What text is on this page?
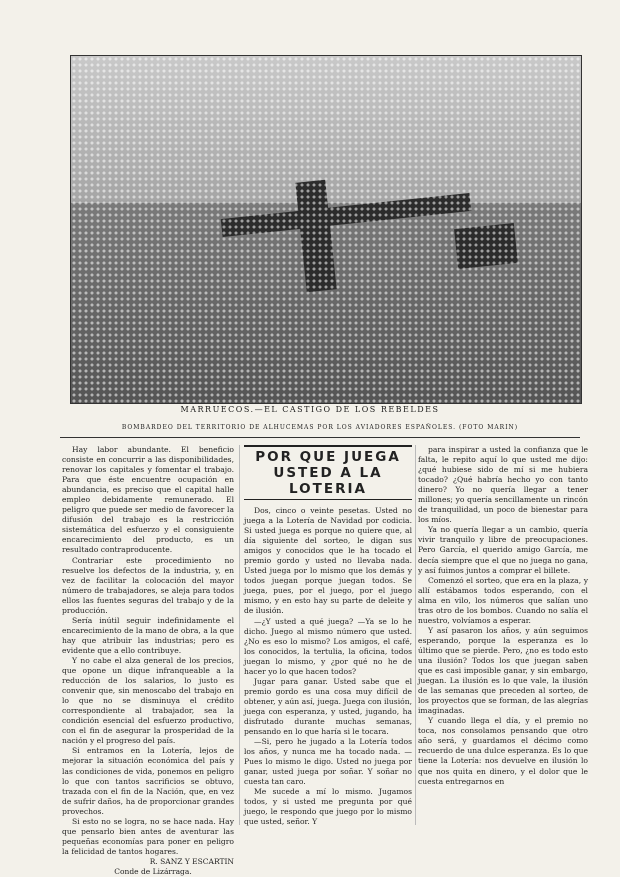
MARRUECOS.—EL CASTIGO DE LOS REBELDES

BOMBARDEO DEL TERRITORIO DE ALHUCEMAS POR LOS AVIADORES ESPAÑOLES. (FOTO MARIN)

Hay labor abundante. El beneficio consiste en concurrir a las disponibilidades, renovar los capitales y fomentar el trabajo. Para que éste encuentre ocupación en abundancia, es preciso que el capital halle empleo debidamente remunerado. El peligro que puede ser medio de favorecer la difusión del trabajo es la restricción sistemática del esfuerzo y el consiguiente encarecimiento del producto, es un resultado contraproducente.

Contrariar este procedimiento no resuelve los defectos de la industria, y, en vez de facilitar la colocación del mayor número de trabajadores, se aleja para todos ellos las fuentes seguras del trabajo y de la producción.

Sería inútil seguir indefinidamente el encarecimiento de la mano de obra, a la que hay que atribuir las industrias; pero es evidente que a ello contribuye.

Y no cabe el alza general de los precios, que opone un dique infranqueable a la reducción de los salarios, lo justo es convenir que, sin menoscabo del trabajo en lo que no se disminuya el crédito correspondiente al trabajador, sea la condición esencial del esfuerzo productivo, con el fin de asegurar la prosperidad de la nación y el progreso del país.

Si entramos en la Lotería, lejos de mejorar la situación económica del país y las condiciones de vida, ponemos en peligro lo que con tantos sacrificios se obtuvo, trazada con el fin de la Nación, que, en vez de sufrir daños, ha de proporcionar grandes provechos.

Si esto no se logra, no se hace nada. Hay que pensarlo bien antes de aventurar las pequeñas economías para poner en peligro la felicidad de tantos hogares.

R. SANZ Y ESCARTIN

Conde de Lizárraga.

POR QUE JUEGA USTED A LA LOTERIA

Dos, cinco o veinte pesetas. Usted no juega a la Lotería de Navidad por codicia. Si usted juega es porque no quiere que, al día siguiente del sorteo, le digan sus amigos y conocidos que le ha tocado el premio gordo y usted no llevaba nada. Usted juega por lo mismo que los demás y todos juegan porque juegan todos. Se juega, pues, por el juego, por el juego mismo, y en esto hay su parte de deleite y de ilusión.

—¿Y usted a qué juega? —Ya se lo he dicho. Juego al mismo número que usted. ¿No es eso lo mismo? Los amigos, el café, los conocidos, la tertulia, la oficina, todos juegan lo mismo, y ¿por qué no he de hacer yo lo que hacen todos?

Jugar para ganar. Usted sabe que el premio gordo es una cosa muy difícil de obtener, y aún así, juega. Juega con ilusión, juega con esperanza, y usted, jugando, ha disfrutado durante muchas semanas, pensando en lo que haría si le tocara.

—Si, pero he jugado a la Lotería todos los años, y nunca me ha tocado nada. —Pues lo mismo le digo. Usted no juega por ganar, usted juega por soñar. Y soñar no cuesta tan caro.

Me sucede a mí lo mismo. Jugamos todos, y si usted me pregunta por qué juego, le respondo que juego por lo mismo que usted, señor. Y

para inspirar a usted la confianza que le falta, le repito aquí lo que usted me dijo: ¿qué hubiese sido de mí si me hubiera tocado? ¿Qué habría hecho yo con tanto dinero? Yo no quería llegar a tener millones; yo quería sencillamente un rincón de tranquilidad, un poco de bienestar para los míos.

Ya no quería llegar a un cambio, quería vivir tranquilo y libre de preocupaciones. Pero García, el querido amigo García, me decía siempre que el que no juega no gana, y así fuimos juntos a comprar el billete.

Comenzó el sorteo, que era en la plaza, y allí estábamos todos esperando, con el alma en vilo, los números que salían uno tras otro de los bombos. Cuando no salía el nuestro, volvíamos a esperar.

Y así pasaron los años, y aún seguimos esperando, porque la esperanza es lo último que se pierde. Pero, ¿no es todo esto una ilusión? Todos los que juegan saben que es casi imposible ganar, y sin embargo, juegan. La ilusión es lo que vale, la ilusión de las semanas que preceden al sorteo, de los proyectos que se forman, de las alegrías imaginadas.

Y cuando llega el día, y el premio no toca, nos consolamos pensando que otro año será, y guardamos el décimo como recuerdo de una dulce esperanza. Es lo que tiene la Lotería: nos devuelve en ilusión lo que nos quita en dinero, y el dolor que le cuesta entregarnos en
